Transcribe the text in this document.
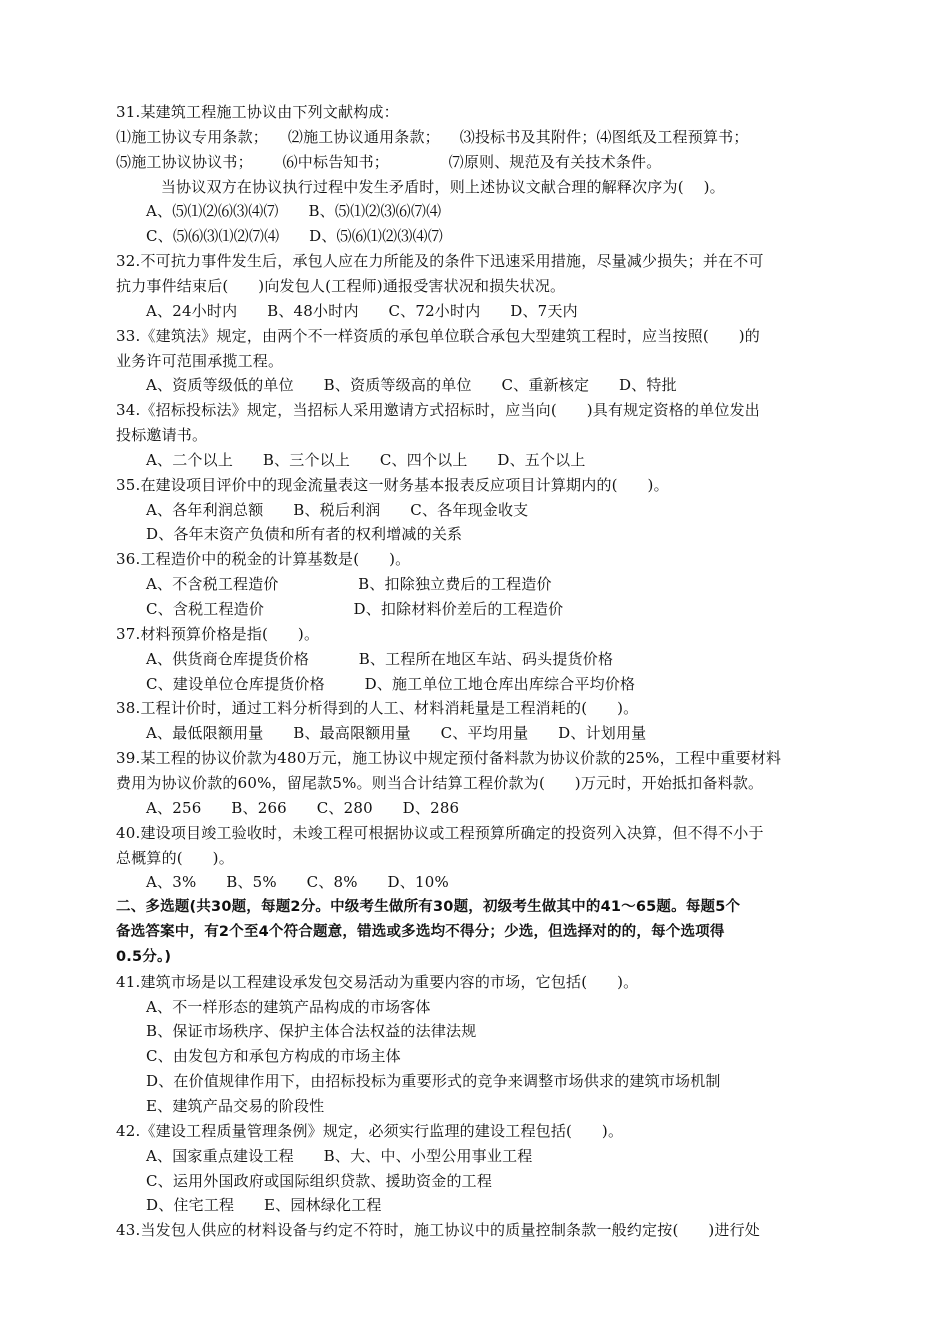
31.某建筑工程施工协议由下列文献构成：
⑴施工协议专用条款；    ⑵施工协议通用条款；    ⑶投标书及其附件；⑷图纸及工程预算书；
⑸施工协议协议书；      ⑹中标告知书；            ⑺原则、规范及有关技术条件。
当协议双方在协议执行过程中发生矛盾时，则上述协议文献合理的解释次序为(    )。
A、⑸⑴⑵⑹⑶⑷⑺      B、⑸⑴⑵⑶⑹⑺⑷
C、⑸⑹⑶⑴⑵⑺⑷      D、⑸⑹⑴⑵⑶⑷⑺
32.不可抗力事件发生后，承包人应在力所能及的条件下迅速采用措施，尽量减少损失；并在不可
抗力事件结束后(      )向发包人(工程师)通报受害状况和损失状况。
A、24小时内      B、48小时内      C、72小时内      D、7天内
33.《建筑法》规定，由两个不一样资质的承包单位联合承包大型建筑工程时，应当按照(      )的
业务许可范围承揽工程。
A、资质等级低的单位      B、资质等级高的单位      C、重新核定      D、特批
34.《招标投标法》规定，当招标人采用邀请方式招标时，应当向(      )具有规定资格的单位发出
投标邀请书。
A、二个以上      B、三个以上      C、四个以上      D、五个以上
35.在建设项目评价中的现金流量表这一财务基本报表反应项目计算期内的(      )。
A、各年利润总额      B、税后利润      C、各年现金收支
D、各年末资产负债和所有者的权利增减的关系
36.工程造价中的税金的计算基数是(      )。
A、不含税工程造价                B、扣除独立费后的工程造价
C、含税工程造价                  D、扣除材料价差后的工程造价
37.材料预算价格是指(      )。
A、供货商仓库提货价格          B、工程所在地区车站、码头提货价格
C、建设单位仓库提货价格        D、施工单位工地仓库出库综合平均价格
38.工程计价时，通过工料分析得到的人工、材料消耗量是工程消耗的(      )。
A、最低限额用量      B、最高限额用量      C、平均用量      D、计划用量
39.某工程的协议价款为480万元，施工协议中规定预付备料款为协议价款的25%，工程中重要材料
费用为协议价款的60%，留尾款5%。则当合计结算工程价款为(      )万元时，开始抵扣备料款。
A、256      B、266      C、280      D、286
40.建设项目竣工验收时，未竣工程可根据协议或工程预算所确定的投资列入决算，但不得不小于
总概算的(      )。
A、3%      B、5%      C、8%      D、10%
二、多选题(共30题，每题2分。中级考生做所有30题，初级考生做其中的41～65题。每题5个
备选答案中，有2个至4个符合题意，错选或多选均不得分；少选，但选择对的的，每个选项得
0.5分。)
41.建筑市场是以工程建设承发包交易活动为重要内容的市场，它包括(      )。
A、不一样形态的建筑产品构成的市场客体
B、保证市场秩序、保护主体合法权益的法律法规
C、由发包方和承包方构成的市场主体
D、在价值规律作用下，由招标投标为重要形式的竞争来调整市场供求的建筑市场机制
E、建筑产品交易的阶段性
42.《建设工程质量管理条例》规定，必须实行监理的建设工程包括(      )。
A、国家重点建设工程      B、大、中、小型公用事业工程
C、运用外国政府或国际组织贷款、援助资金的工程
D、住宅工程      E、园林绿化工程
43.当发包人供应的材料设备与约定不符时，施工协议中的质量控制条款一般约定按(      )进行处
